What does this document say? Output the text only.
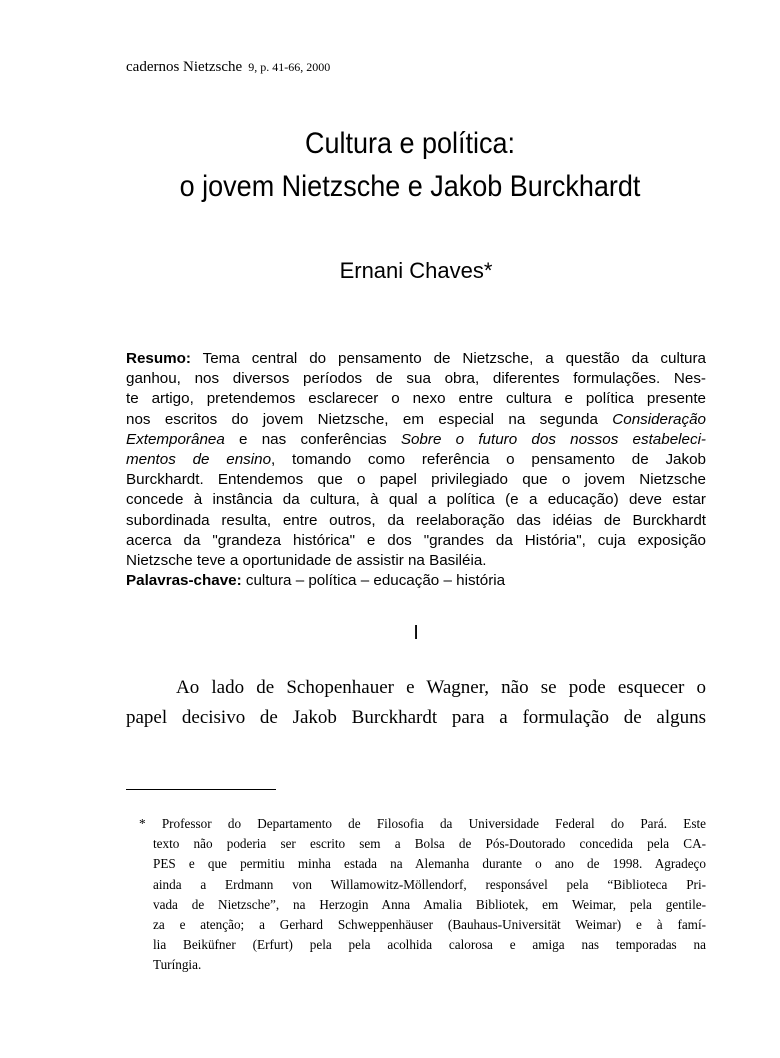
cadernos Nietzsche 9, p. 41-66, 2000
Cultura e política:
o jovem Nietzsche e Jakob Burckhardt
Ernani Chaves*
Resumo: Tema central do pensamento de Nietzsche, a questão da cultura
ganhou, nos diversos períodos de sua obra, diferentes formulações. Nes-
te artigo, pretendemos esclarecer o nexo entre cultura e política presente
nos escritos do jovem Nietzsche, em especial na segunda Consideração
Extemporânea e nas conferências Sobre o futuro dos nossos estabeleci-
mentos de ensino, tomando como referência o pensamento de Jakob
Burckhardt. Entendemos que o papel privilegiado que o jovem Nietzsche
concede à instância da cultura, à qual a política (e a educação) deve estar
subordinada resulta, entre outros, da reelaboração das idéias de Burckhardt
acerca da "grandeza histórica" e dos "grandes da História", cuja exposição
Nietzsche teve a oportunidade de assistir na Basiléia.
Palavras-chave: cultura – política – educação – história
I
Ao lado de Schopenhauer e Wagner, não se pode esquecer o
papel decisivo de Jakob Burckhardt para a formulação de alguns
* Professor do Departamento de Filosofia da Universidade Federal do Pará. Este
texto não poderia ser escrito sem a Bolsa de Pós-Doutorado concedida pela CA-
PES e que permitiu minha estada na Alemanha durante o ano de 1998. Agradeço
ainda a Erdmann von Willamowitz-Möllendorf, responsável pela “Biblioteca Pri-
vada de Nietzsche”, na Herzogin Anna Amalia Bibliotek, em Weimar, pela gentile-
za e atenção; a Gerhard Schweppenhäuser (Bauhaus-Universität Weimar) e à famí-
lia Beiküfner (Erfurt) pela pela acolhida calorosa e amiga nas temporadas na
Turíngia.
